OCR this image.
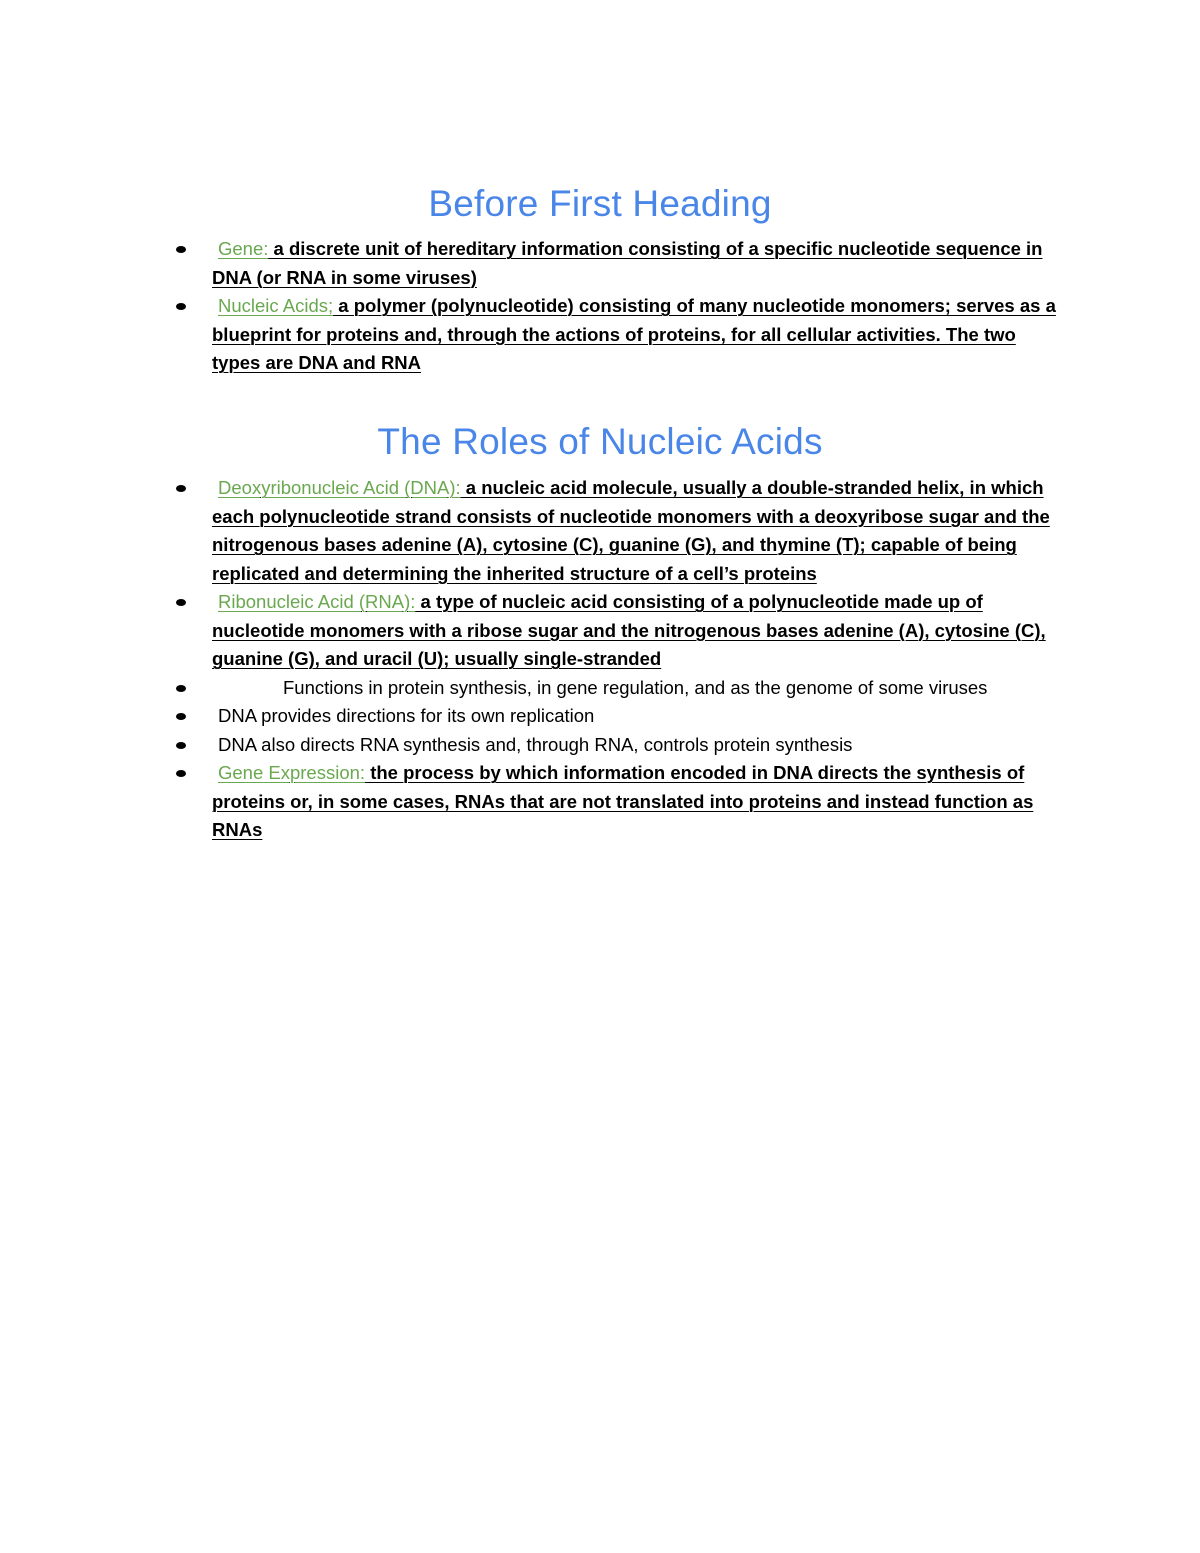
Before First Heading
Gene: a discrete unit of hereditary information consisting of a specific nucleotide sequence in DNA (or RNA in some viruses)
Nucleic Acids; a polymer (polynucleotide) consisting of many nucleotide monomers; serves as a blueprint for proteins and, through the actions of proteins, for all cellular activities. The two types are DNA and RNA
The Roles of Nucleic Acids
Deoxyribonucleic Acid (DNA): a nucleic acid molecule, usually a double-stranded helix, in which each polynucleotide strand consists of nucleotide monomers with a deoxyribose sugar and the nitrogenous bases adenine (A), cytosine (C), guanine (G), and thymine (T); capable of being replicated and determining the inherited structure of a cell’s proteins
Ribonucleic Acid (RNA): a type of nucleic acid consisting of a polynucleotide made up of nucleotide monomers with a ribose sugar and the nitrogenous bases adenine (A), cytosine (C), guanine (G), and uracil (U); usually single-stranded
Functions in protein synthesis, in gene regulation, and as the genome of some viruses
DNA provides directions for its own replication
DNA also directs RNA synthesis and, through RNA, controls protein synthesis
Gene Expression: the process by which information encoded in DNA directs the synthesis of proteins or, in some cases, RNAs that are not translated into proteins and instead function as RNAs
